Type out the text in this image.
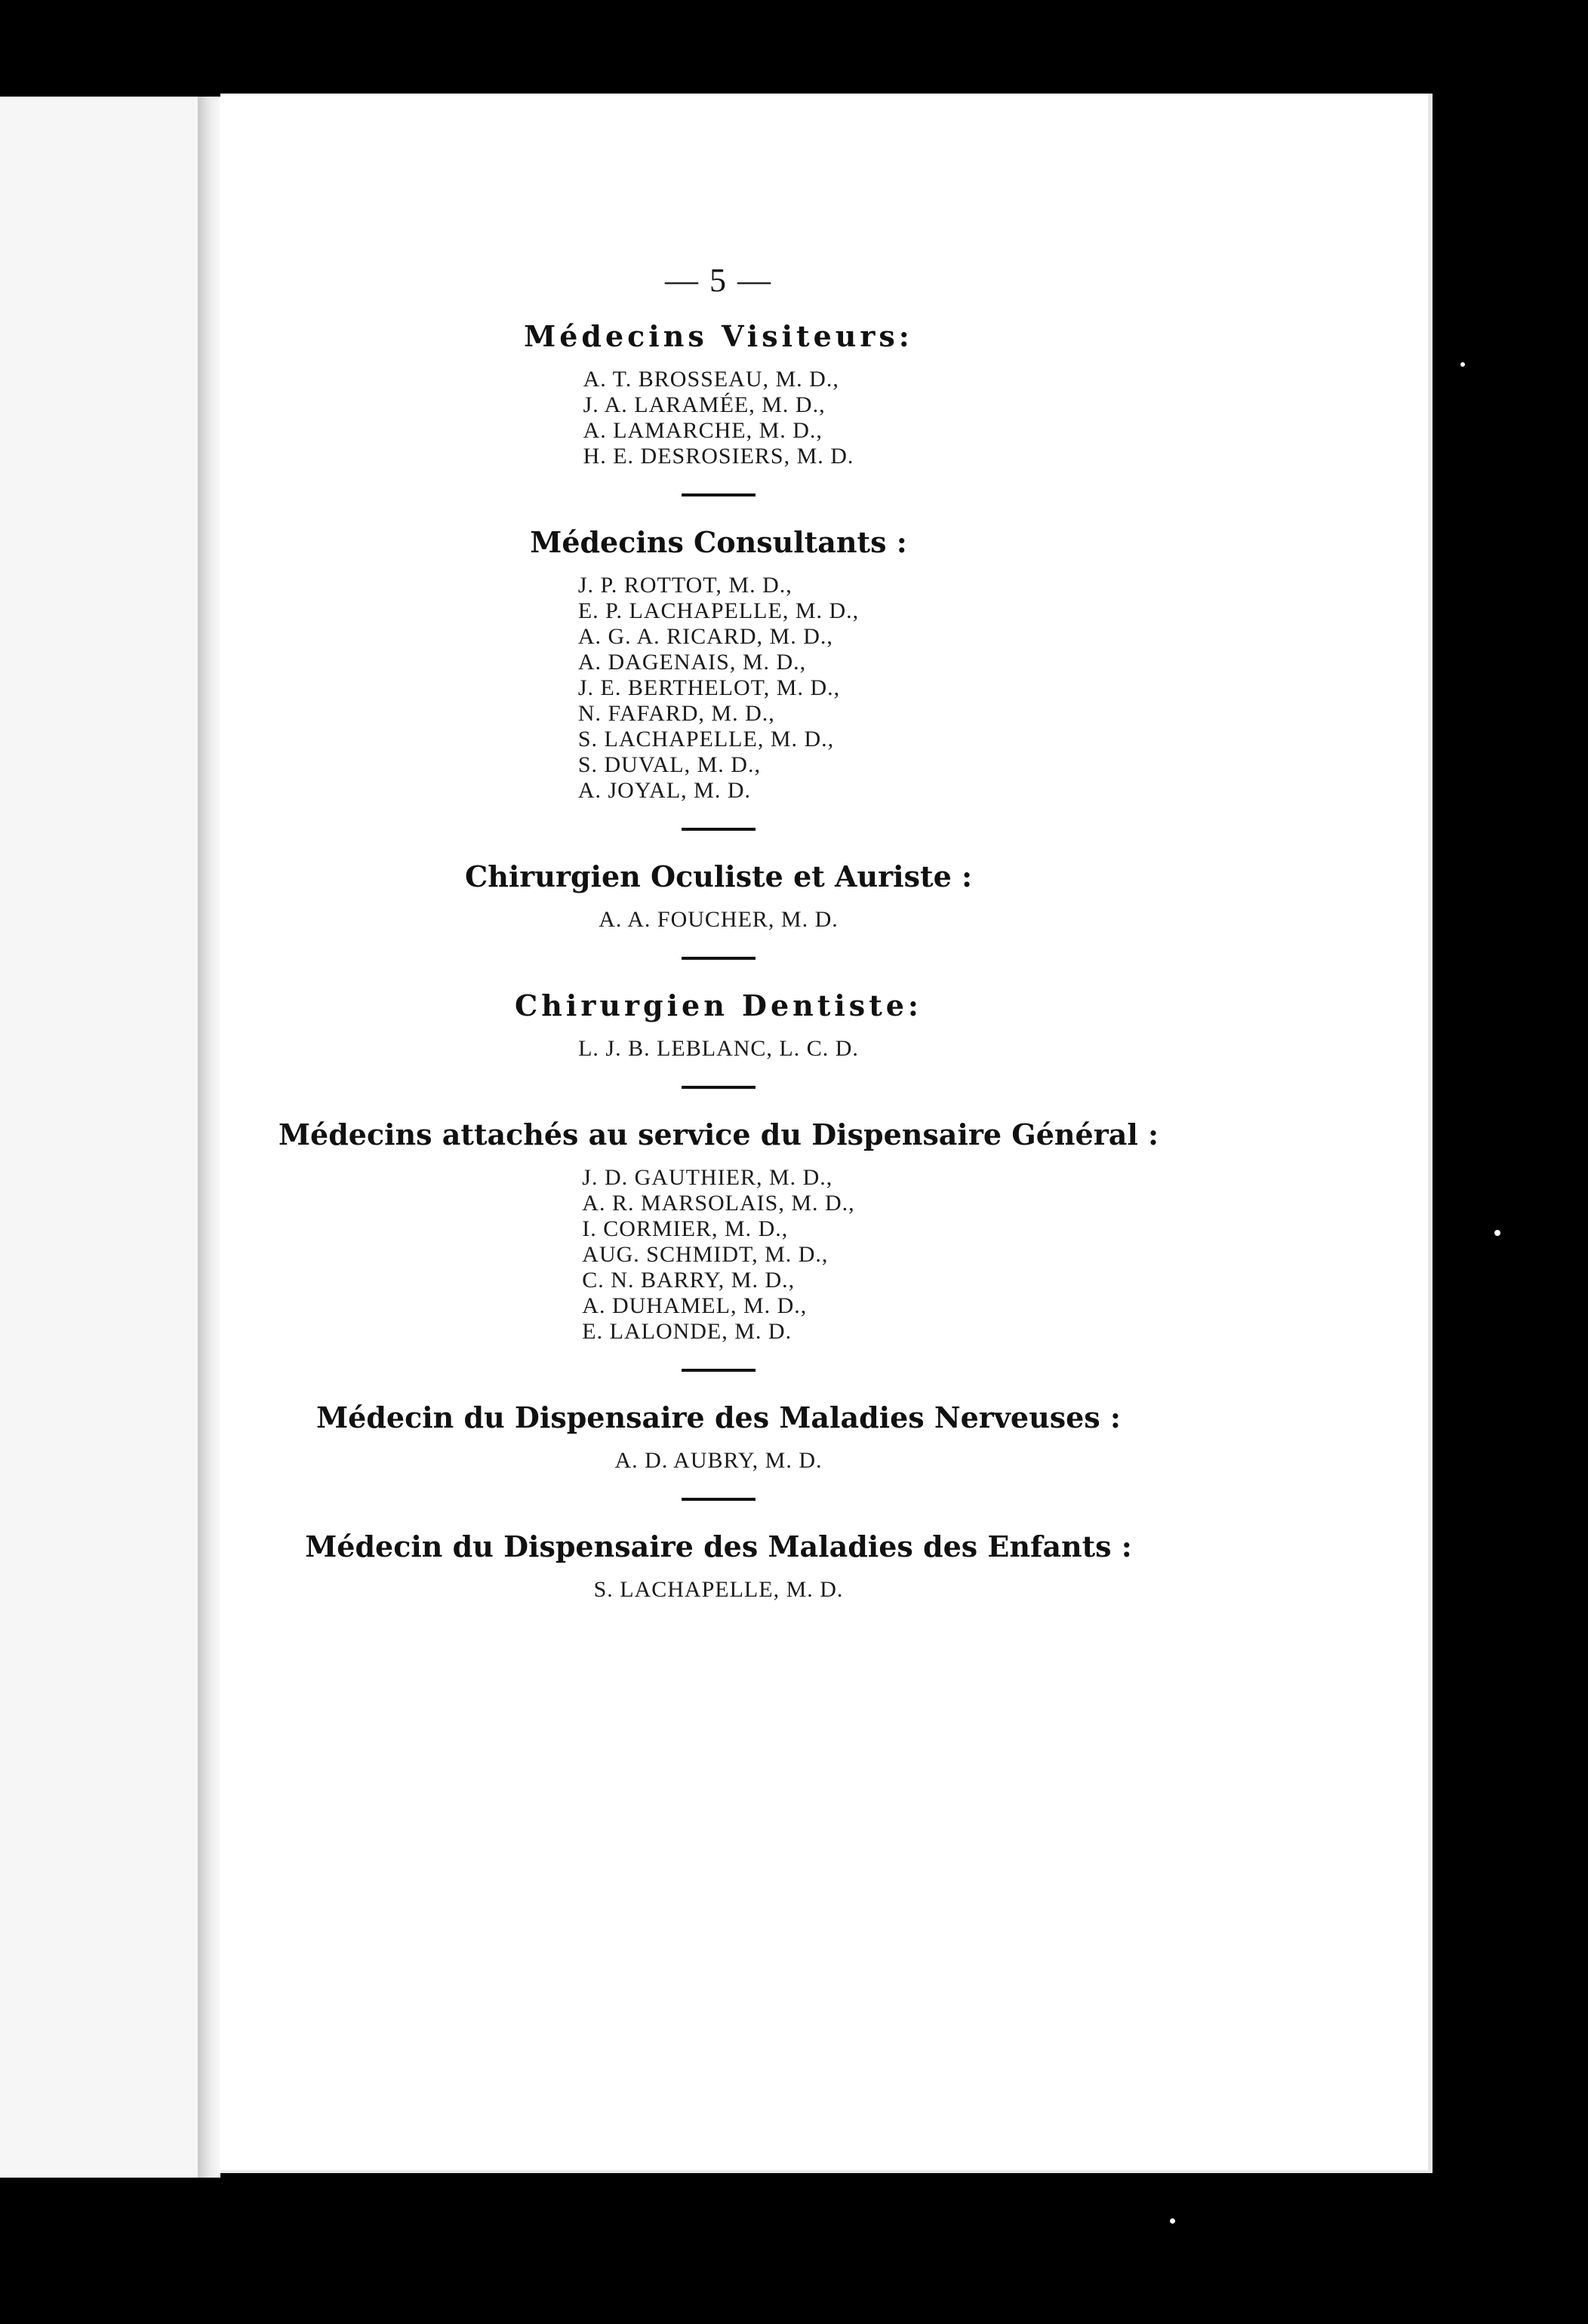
— 5 —
Médecins Visiteurs:
A. T. BROSSEAU, M. D.,
J. A. LARAMÉE, M. D.,
A. LAMARCHE, M. D.,
H. E. DESROSIERS, M. D.
Médecins Consultants :
J. P. ROTTOT, M. D.,
E. P. LACHAPELLE, M. D.,
A. G. A. RICARD, M. D.,
A. DAGENAIS, M. D.,
J. E. BERTHELOT, M. D.,
N. FAFARD, M. D.,
S. LACHAPELLE, M. D.,
S. DUVAL, M. D.,
A. JOYAL, M. D.
Chirurgien Oculiste et Auriste :
A. A. FOUCHER, M. D.
Chirurgien Dentiste:
L. J. B. LEBLANC, L. C. D.
Médecins attachés au service du Dispensaire Général :
J. D. GAUTHIER, M. D.,
A. R. MARSOLAIS, M. D.,
I. CORMIER, M. D.,
AUG. SCHMIDT, M. D.,
C. N. BARRY, M. D.,
A. DUHAMEL, M. D.,
E. LALONDE, M. D.
Médecin du Dispensaire des Maladies Nerveuses :
A. D. AUBRY, M. D.
Médecin du Dispensaire des Maladies des Enfants :
S. LACHAPELLE, M. D.
